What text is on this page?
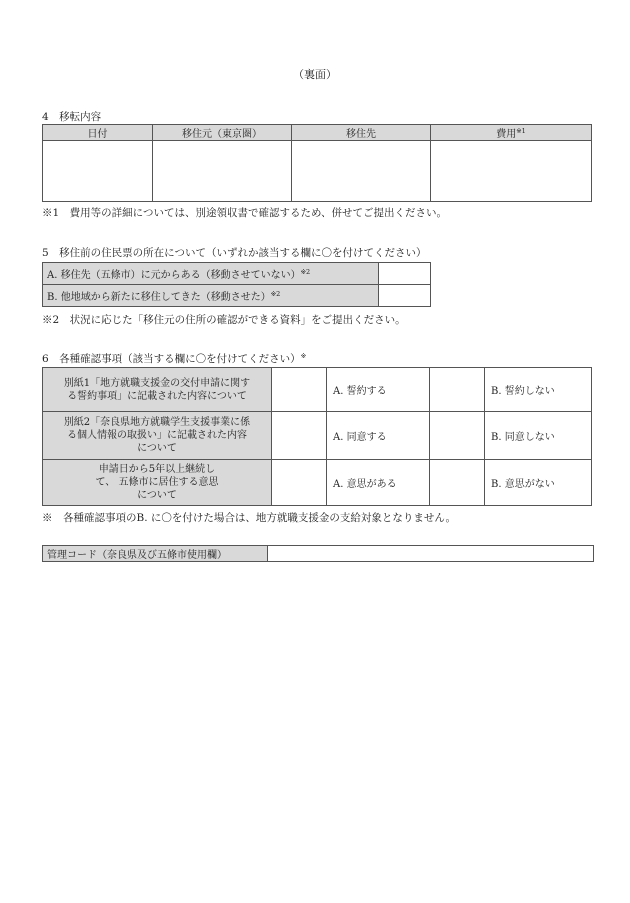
（裏面）
4　移転内容
日付	移住元（東京圏）	移住先	費用$^{※1}$

※1　費用等の詳細については、別途領収書で確認するため、併せてご提出ください。
5　移住前の住民票の所在について（いずれか該当する欄に〇を付けてください）
A. 移住先（五條市）に元からある（移動させていない）$^{※2}$	
B. 他地域から新たに移住してきた（移動させた）$^{※2}$	
※2　状況に応じた「移住元の住所の確認ができる資料」をご提出ください。
6　各種確認事項（該当する欄に〇を付けてください）※
別紙1「地方就職支援金の交付申請に関す
る誓約事項」に記載された内容について		A. 誓約する		B. 誓約しない

別紙2「奈良県地方就職学生支援事業に係
る個人情報の取扱い」に記載された内容
について		A. 同意する		B. 同意しない

申請日から5年以上継続し
て、 五條市に居住する意思
について		A. 意思がある		B. 意思がない
※　各種確認事項のB. に〇を付けた場合は、地方就職支援金の支給対象となりません。
管理コード（奈良県及び五條市使用欄）	
